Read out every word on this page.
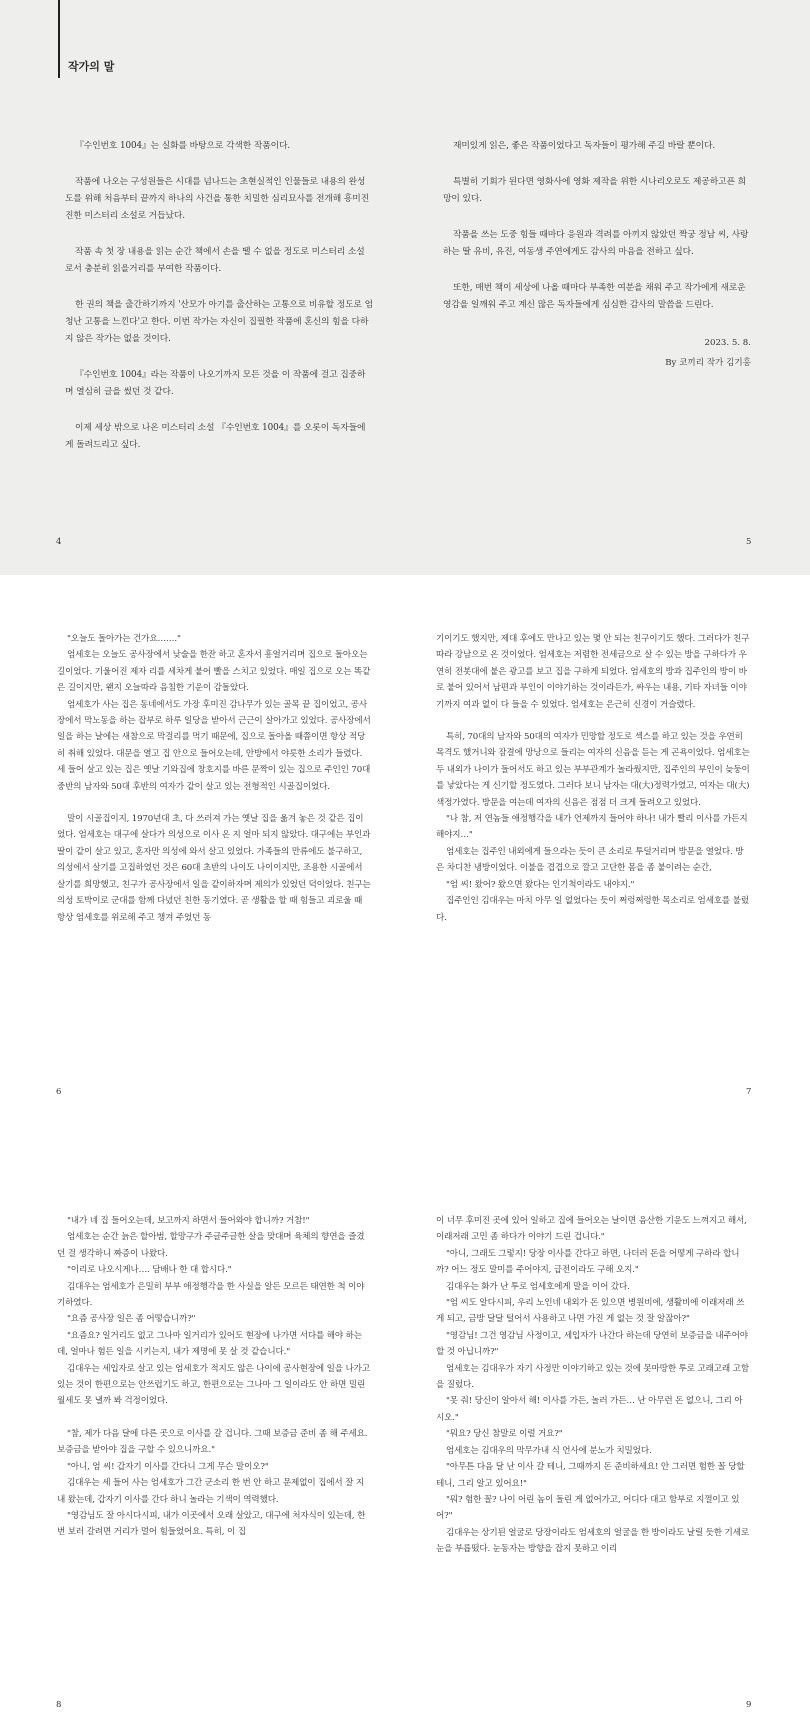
작가의 말

『수인번호 1004』는 실화를 바탕으로 각색한 작품이다.

작품에 나오는 구성원들은 시대를 넘나드는 초현실적인 인물들로 내용의 완성도를 위해 처음부터 끝까지 하나의 사건을 통한 치밀한 심리묘사를 전개해 흥미진진한 미스터리 소설로 거듭났다.

작품 속 첫 장 내용을 읽는 순간 책에서 손을 뗄 수 없을 정도로 미스터리 소설로서 충분히 읽을거리를 부여한 작품이다.

한 권의 책을 출간하기까지 '산모가 아기를 출산하는 고통으로 비유할 정도로 엄청난 고통을 느낀다'고 한다. 이번 작가는 자신이 집필한 작품에 혼신의 힘을 다하지 않은 작가는 없을 것이다.

『수인번호 1004』라는 작품이 나오기까지 모든 것을 이 작품에 걸고 집중하며 열심히 글을 썼던 것 같다.

이제 세상 밖으로 나온 미스터리 소설 『수인번호 1004』를 오롯이 독자들에게 돌려드리고 싶다.

재미있게 읽은, 좋은 작품이었다고 독자들이 평가해 주길 바랄 뿐이다.

특별히 기회가 된다면 영화사에 영화 제작을 위한 시나리오로도 제공하고픈 희망이 있다.

작품을 쓰는 도중 힘들 때마다 응원과 격려를 아끼지 않았던 짝궁 정남 씨, 사랑하는 딸 유비, 유진, 여동생 주연에게도 감사의 마음을 전하고 싶다.

또한, 매번 책이 세상에 나올 때마다 부족한 여분을 채워 주고 작가에게 새로운 영감을 일깨워 주고 계신 많은 독자들에게 심심한 감사의 말씀을 드린다.

2023. 5. 8.

By 코끼리 작가 김기홍

4	5

"오늘도 돌아가는 건가요……."

엄세호는 오늘도 공사장에서 낮술을 한잔 하고 혼자서 흥얼거리며 집으로 돌아오는 길이었다. 기울어진 제자 리를 세차게 붙어 빨을 스치고 있었다. 매일 집으로 오는 똑같은 길이지만, 왠지 오늘따라 음침한 기운이 감돌았다.

엄세호가 사는 집은 동네에서도 가장 후미진 감나무가 있는 골목 끝 집이었고, 공사장에서 막노동을 하는 잡부로 하루 일당을 받아서 근근이 살아가고 있었다. 공사장에서 일을 하는 날에는 새참으로 막걸리를 먹기 때문에, 집으로 돌아올 때쯤이면 항상 적당히 취해 있었다. 대문을 열고 집 안으로 들어오는데, 안방에서 야릇한 소리가 들렸다. 세 들어 살고 있는 집은 옛날 기와집에 창호지를 바른 문짝이 있는 집으로 주인인 70대 중반의 남자와 50대 후반의 여자가 같이 살고 있는 전형적인 시골집이었다.

말이 시골집이지, 1970년대 초, 다 쓰러져 가는 옛날 집을 옮겨 놓은 것 같은 집이었다. 엄세호는 대구에 살다가 의성으로 이사 온 지 얼마 되지 않았다. 대구에는 부인과 딸이 같이 살고 있고, 혼자만 의성에 와서 살고 있었다. 가족들의 만류에도 불구하고, 의성에서 살기를 고집하였던 것은 60대 초반의 나이도 나이이지만, 조용한 시골에서 살기를 희망했고, 친구가 공사장에서 일을 같이하자며 제의가 있었던 덕이었다. 친구는 의성 토박이로 군대를 함께 다녔던 친한 동기였다. 곧 생활을 할 때 힘들고 괴로울 때 항상 엄세호를 위로해 주고 챙겨 주었던 동

기이기도 했지만, 제대 후에도 만나고 있는 몇 안 되는 친구이기도 했다. 그러다가 친구 따라 강남으로 온 것이었다. 엄세호는 저렴한 전세금으로 살 수 있는 방을 구하다가 우연히 전봇대에 붙은 광고를 보고 집을 구하게 되었다. 엄세호의 방과 집주인의 방이 바로 붙어 있어서 남편과 부인이 이야기하는 것이라든가, 싸우는 내용, 기타 자녀들 이야기까지 여과 없이 다 들을 수 있었다. 엄세호는 은근히 신경이 거슬렸다.

특히, 70대의 남자와 50대의 여자가 민망할 정도로 섹스를 하고 있는 것을 우연히 목격도 했거니와 잠결에 망낭으로 들리는 여자의 신음을 듣는 게 곤욕이었다. 엄세호는 두 내외가 나이가 들어서도 하고 있는 부부관계가 놀라웠지만, 집주인의 부인이 늦둥이를 낳았다는 게 신기할 정도였다. 그러다 보니 남자는 대(大)정력가였고, 여자는 대(大)색정가였다. 방문을 여는데 여자의 신음은 점점 더 크게 들려오고 있었다.

"나 참, 저 연놈들 애정행각을 내가 언제까지 들어야 하나! 내가 빨리 이사를 가든지 해야지…"

엄세호는 집주인 내외에게 들으라는 듯이 큰 소리로 투덜거리며 방문을 열었다. 방은 차디찬 냉방이었다. 이불을 겹겹으로 깔고 고단한 몸을 좀 붙이려는 순간,

"엄 씨! 왔어? 왔으면 왔다는 인기척이라도 내야지."

집주인인 김대우는 마치 아무 일 없었다는 듯이 쩌렁쩌렁한 목소리로 엄세호를 불렀다.

6	7

"내가 네 집 들어오는데, 보고까지 하면서 들어와야 합니까? 거참!"

엄세호는 순간 늙은 할아범, 할망구가 주글주글한 살을 맞대며 육체의 향연을 즐겼던 걸 생각하니 짜증이 나왔다.

"이리로 나오시게나…. 담배나 한 대 합시다."

김대우는 엄세호가 은밀히 부부 애정행각을 한 사실을 알든 모르든 태연한 척 이야기하였다.

"요즘 공사장 일은 좀 어떻습니까?"

"요즘요? 일거리도 없고 그나마 일거리가 있어도 현장에 나가면 서다를 해야 하는데, 얼마나 험든 일을 시키는지, 내가 제명에 못 살 것 같습니다."

김대우는 세입자로 살고 있는 엄세호가 적지도 않은 나이에 공사현장에 일을 나가고 있는 것이 한편으로는 안쓰럽기도 하고, 한편으로는 그나마 그 일이라도 안 하면 밀린 월세도 못 낼까 봐 걱정이었다.

"참, 제가 다음 달에 다른 곳으로 이사를 갈 겁니다. 그때 보증금 준비 좀 해 주세요. 보증금을 받아야 집을 구할 수 있으니까요."

"아니, 엄 씨! 갑자기 이사를 간다니 그게 무슨 말이오?"

김대우는 세 들어 사는 엄세호가 그간 군소리 한 번 안 하고 문제없이 집에서 잘 지내 왔는데, 갑자기 이사를 간다 하니 놀라는 기색이 역력했다.

"영감님도 잘 아시다시피, 내가 이곳에서 오래 살았고, 대구에 처자식이 있는데, 한번 보러 갈려면 거리가 멀어 힘들었어요. 특히, 이 집

이 너무 후미진 곳에 있어 일하고 집에 들어오는 날이면 음산한 기운도 느껴지고 해서, 이래저래 고민 좀 하다가 이야기 드린 겁니다."

"아니, 그래도 그렇지! 당장 이사를 간다고 하면, 나더러 돈을 어떻게 구하라 합니까? 어느 정도 말미를 주어야지, 급전이라도 구해 오지."

김대우는 화가 난 투로 엄세호에게 말을 이어 갔다.

"엄 씨도 알다시피, 우리 노인네 내외가 돈 있으면 병원비에, 생활비에 이래저래 쓰게 되고, 금방 달달 털어서 사용하고 나면 가진 게 없는 것 잘 알잖아?"

"영감님! 그건 영감님 사정이고, 세입자가 나간다 하는데 당연히 보증금을 내주어야 할 것 아닙니까?"

엄세호는 김대우가 자기 사정만 이야기하고 있는 것에 못마땅한 투로 고래고래 고함을 질렀다.

"못 줘! 당신이 알아서 해! 이사를 가든, 놀러 가든… 난 아무런 돈 없으니, 그리 아시오."

"뭐요? 당신 참말로 이럴 거요?"

엄세호는 김대우의 막무가내 식 언사에 분노가 치밀었다.

"아무튼 다음 달 난 이사 갈 테니, 그때까지 돈 준비하세요! 안 그러면 험한 꼴 당할 테니, 그리 알고 있어요!"

"뭐? 험한 꼴? 나이 어린 놈이 돌린 게 없어가고, 어디다 대고 함부로 지껄이고 있어?"

김대우는 상기된 얼굴로 당장이라도 엄세호의 얼굴을 한 방이라도 날릴 듯한 기세로 눈을 부릅떴다. 눈동자는 방향을 잡지 못하고 이리

8	9
